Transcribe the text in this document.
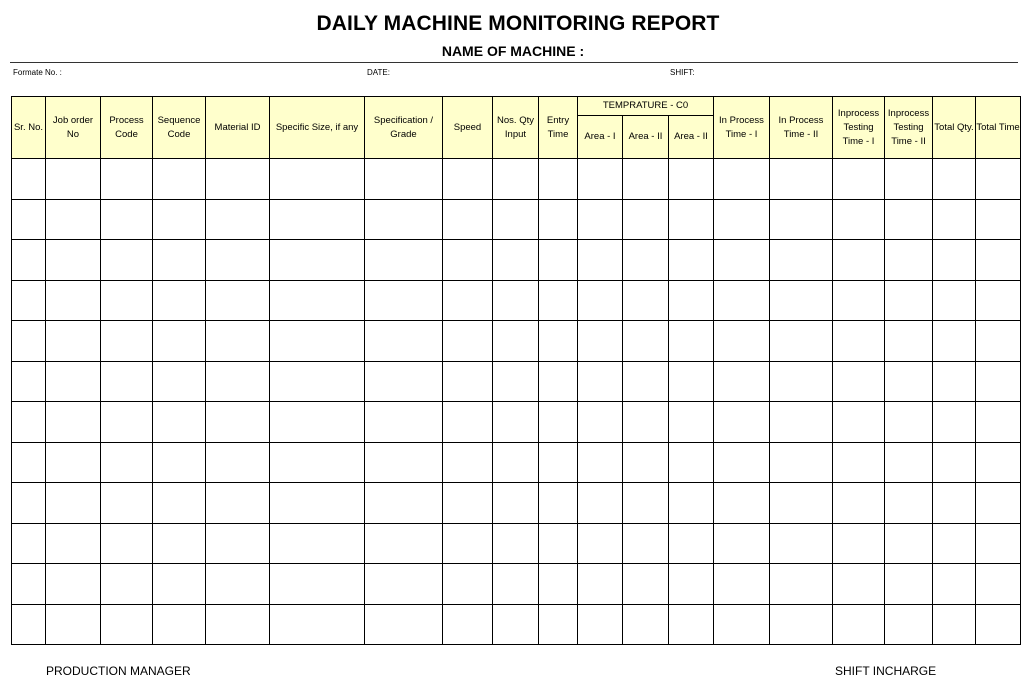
DAILY MACHINE MONITORING REPORT
NAME OF MACHINE :
Formate No. :	DATE:	SHIFT:
Sr. No.	Job order No	Process Code	Sequence Code	Material ID	Specific Size, if any	Specification / Grade	Speed	Nos. Qty Input	Entry Time	TEMPRATURE - C0			In Process Time - I	In Process Time - II	Inprocess Testing Time - I	Inprocess Testing Time - II	Total Qty.	Total Time
										Area - I	Area - II	Area - II						

PRODUCTION MANAGER	SHIFT INCHARGE
